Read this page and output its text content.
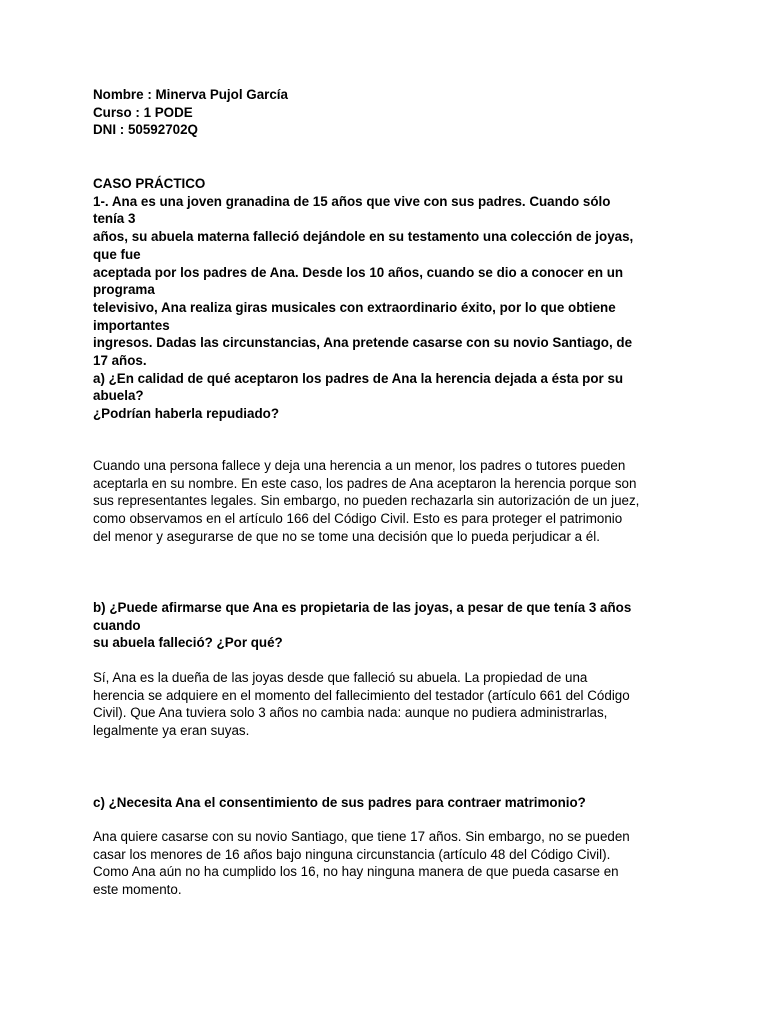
Nombre : Minerva Pujol García
Curso : 1 PODE
DNI : 50592702Q
CASO PRÁCTICO
1-. Ana es una joven granadina de 15 años que vive con sus padres. Cuando sólo
tenía 3
años, su abuela materna falleció dejándole en su testamento una colección de joyas,
que fue
aceptada por los padres de Ana. Desde los 10 años, cuando se dio a conocer en un
programa
televisivo, Ana realiza giras musicales con extraordinario éxito, por lo que obtiene
importantes
ingresos. Dadas las circunstancias, Ana pretende casarse con su novio Santiago, de
17 años.
a) ¿En calidad de qué aceptaron los padres de Ana la herencia dejada a ésta por su
abuela?
¿Podrían haberla repudiado?
Cuando una persona fallece y deja una herencia a un menor, los padres o tutores pueden
aceptarla en su nombre. En este caso, los padres de Ana aceptaron la herencia porque son
sus representantes legales. Sin embargo, no pueden rechazarla sin autorización de un juez,
como observamos en el artículo 166 del Código Civil. Esto es para proteger el patrimonio
del menor y asegurarse de que no se tome una decisión que lo pueda perjudicar a él.
b) ¿Puede afirmarse que Ana es propietaria de las joyas, a pesar de que tenía 3 años
cuando
su abuela falleció? ¿Por qué?
Sí, Ana es la dueña de las joyas desde que falleció su abuela. La propiedad de una
herencia se adquiere en el momento del fallecimiento del testador (artículo 661 del Código
Civil). Que Ana tuviera solo 3 años no cambia nada: aunque no pudiera administrarlas,
legalmente ya eran suyas.
c) ¿Necesita Ana el consentimiento de sus padres para contraer matrimonio?
Ana quiere casarse con su novio Santiago, que tiene 17 años. Sin embargo, no se pueden
casar los menores de 16 años bajo ninguna circunstancia (artículo 48 del Código Civil).
Como Ana aún no ha cumplido los 16, no hay ninguna manera de que pueda casarse en
este momento.
